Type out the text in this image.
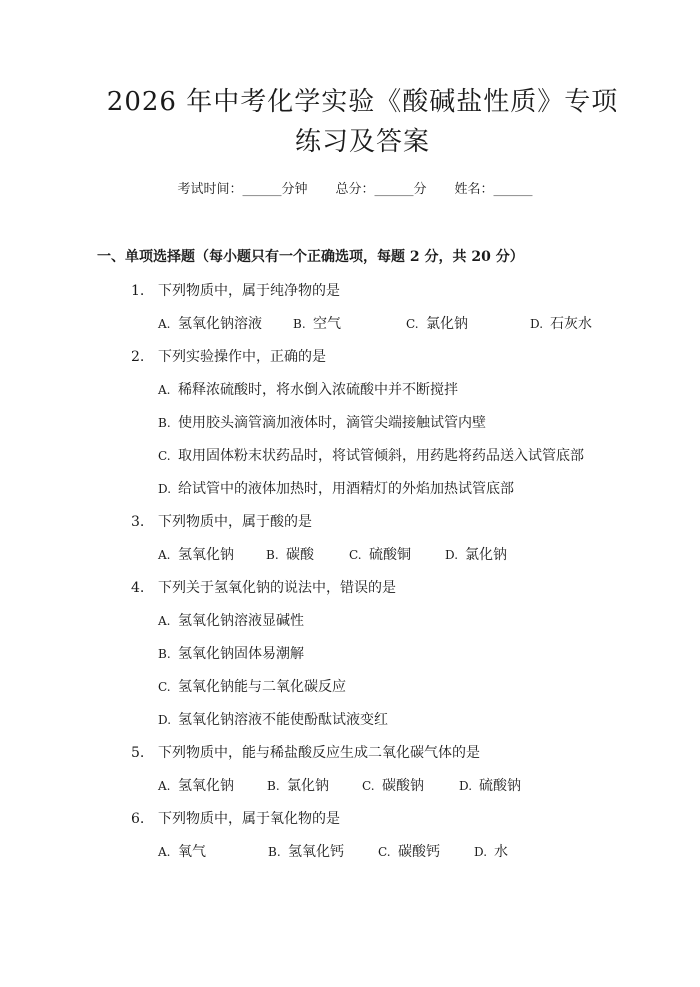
2026 年中考化学实验《酸碱盐性质》专项练习及答案
考试时间：______分钟 总分：______分 姓名：______
一、单项选择题（每小题只有一个正确选项，每题 2 分，共 20 分）
1. 下列物质中，属于纯净物的是
A. 氢氧化钠溶液	B. 空气	C. 氯化钠	D. 石灰水
2. 下列实验操作中，正确的是
A. 稀释浓硫酸时，将水倒入浓硫酸中并不断搅拌
B. 使用胶头滴管滴加液体时，滴管尖端接触试管内壁
C. 取用固体粉末状药品时，将试管倾斜，用药匙将药品送入试管底部
D. 给试管中的液体加热时，用酒精灯的外焰加热试管底部
3. 下列物质中，属于酸的是
A. 氢氧化钠	B. 碳酸	C. 硫酸铜	D. 氯化钠
4. 下列关于氢氧化钠的说法中，错误的是
A. 氢氧化钠溶液显碱性
B. 氢氧化钠固体易潮解
C. 氢氧化钠能与二氧化碳反应
D. 氢氧化钠溶液不能使酚酞试液变红
5. 下列物质中，能与稀盐酸反应生成二氧化碳气体的是
A. 氢氧化钠	B. 氯化钠	C. 碳酸钠	D. 硫酸钠
6. 下列物质中，属于氧化物的是
A. 氧气	B. 氢氧化钙	C. 碳酸钙	D. 水
